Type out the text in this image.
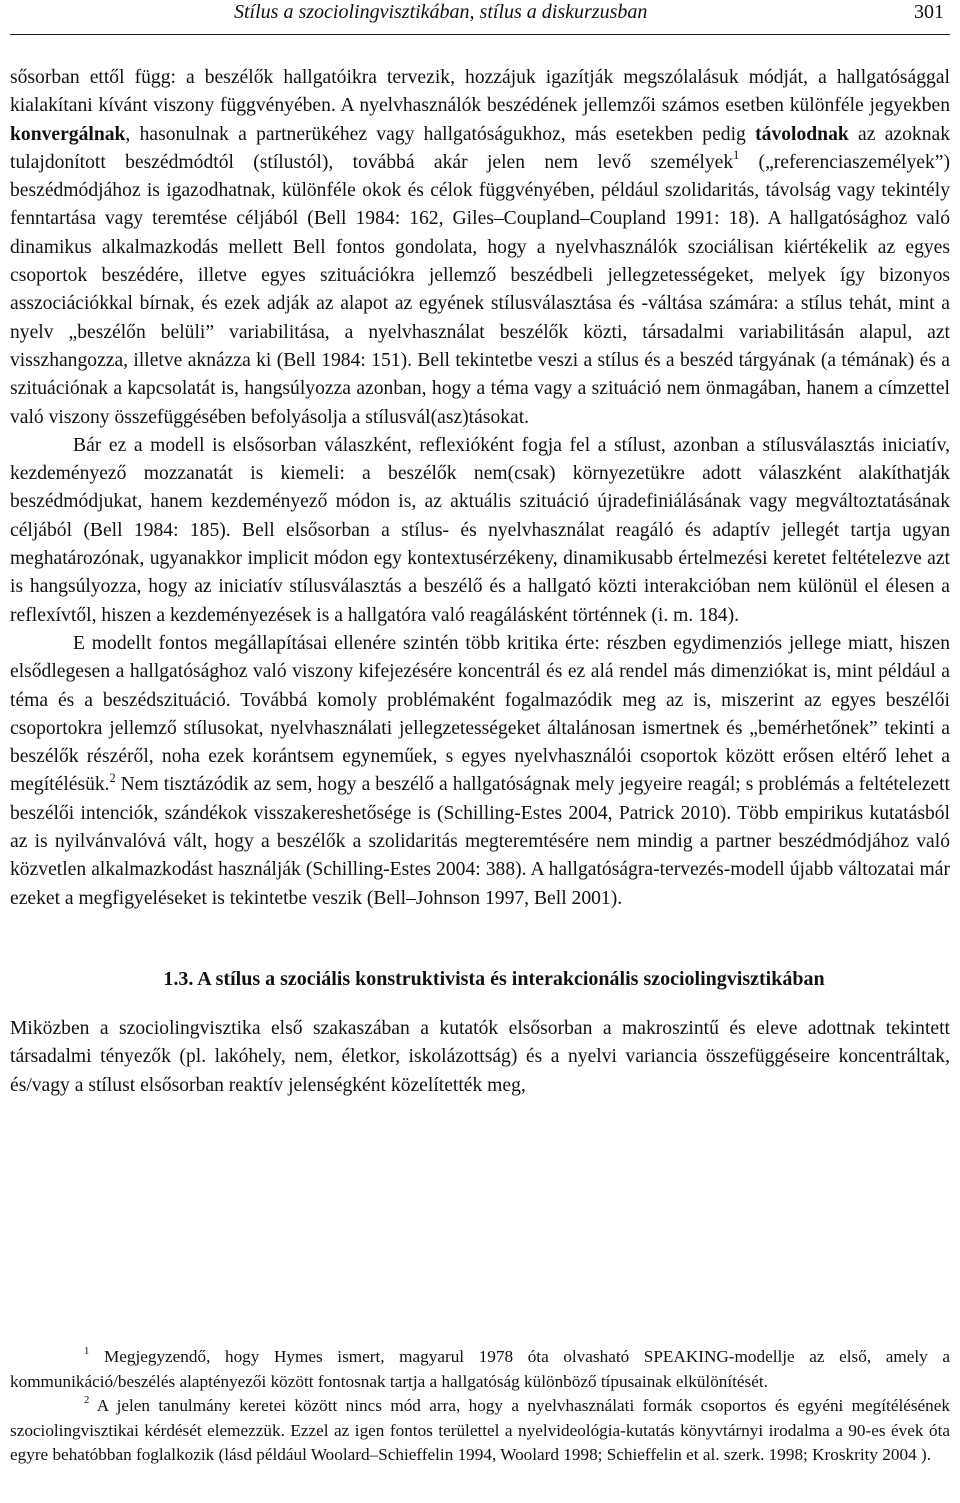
Stílus a szociolingvisztikában, stílus a diskurzusban	301

sősorban ettől függ: a beszélők hallgatóikra tervezik, hozzájuk igazítják megszólalásuk módját, a hallgatósággal kialakítani kívánt viszony függvényében. A nyelvhasználók beszédének jellemzői számos esetben különféle jegyekben konvergálnak, hasonulnak a partnerükéhez vagy hallgatóságukhoz, más esetekben pedig távolodnak az azoknak tulajdonított beszédmódtól (stílustól), továbbá akár jelen nem levő személyek$^1$ („referenciaszemélyek”) beszédmódjához is igazodhatnak, különféle okok és célok függvényében, például szolidaritás, távolság vagy tekintély fenntartása vagy teremtése céljából (Bell 1984: 162, Giles–Coupland–Coupland 1991: 18). A hallgatósághoz való dinamikus alkalmazkodás mellett Bell fontos gondolata, hogy a nyelvhasználók szociálisan kiértékelik az egyes csoportok beszédére, illetve egyes szituációkra jellemző beszédbeli jellegzetességeket, melyek így bizonyos asszociációkkal bírnak, és ezek adják az alapot az egyének stílusválasztása és -váltása számára: a stílus tehát, mint a nyelv „beszélőn belüli” variabilitása, a nyelvhasználat beszélők közti, társadalmi variabilitásán alapul, azt visszhangozza, illetve aknázza ki (Bell 1984: 151). Bell tekintetbe veszi a stílus és a beszéd tárgyának (a témának) és a szituációnak a kapcsolatát is, hangsúlyozza azonban, hogy a téma vagy a szituáció nem önmagában, hanem a címzettel való viszony összefüggésében befolyásolja a stílusvál(asz)tásokat.

Bár ez a modell is elsősorban válaszként, reflexióként fogja fel a stílust, azonban a stílusválasztás iniciatív, kezdeményező mozzanatát is kiemeli: a beszélők nem(csak) környezetükre adott válaszként alakíthatják beszédmódjukat, hanem kezdeményező módon is, az aktuális szituáció újradefiniálásának vagy megváltoztatásának céljából (Bell 1984: 185). Bell elsősorban a stílus- és nyelvhasználat reagáló és adaptív jellegét tartja ugyan meghatározónak, ugyanakkor implicit módon egy kontextusérzékeny, dinamikusabb értelmezési keretet feltételezve azt is hangsúlyozza, hogy az iniciatív stílusválasztás a beszélő és a hallgató közti interakcióban nem különül el élesen a reflexívtől, hiszen a kezdeményezések is a hallgatóra való reagálásként történnek (i. m. 184).

E modellt fontos megállapításai ellenére szintén több kritika érte: részben egydimenziós jellege miatt, hiszen elsődlegesen a hallgatósághoz való viszony kifejezésére koncentrál és ez alá rendel más dimenziókat is, mint például a téma és a beszédszituáció. Továbbá komoly problémaként fogalmazódik meg az is, miszerint az egyes beszélői csoportokra jellemző stílusokat, nyelvhasználati jellegzetességeket általánosan ismertnek és „bemérhetőnek” tekinti a beszélők részéről, noha ezek korántsem egyneműek, s egyes nyelvhasználói csoportok között erősen eltérő lehet a megítélésük.$^2$ Nem tisztázódik az sem, hogy a beszélő a hallgatóságnak mely jegyeire reagál; s problémás a feltételezett beszélői intenciók, szándékok visszakereshetősége is (Schilling-Estes 2004, Patrick 2010). Több empirikus kutatásból az is nyilvánvalóvá vált, hogy a beszélők a szolidaritás megteremtésére nem mindig a partner beszédmódjához való közvetlen alkalmazkodást használják (Schilling-Estes 2004: 388). A hallgatóságra-tervezés-modell újabb változatai már ezeket a megfigyeléseket is tekintetbe veszik (Bell–Johnson 1997, Bell 2001).

1.3. A stílus a szociális konstruktivista és interakcionális szociolingvisztikában

Miközben a szociolingvisztika első szakaszában a kutatók elsősorban a makroszintű és eleve adottnak tekintett társadalmi tényezők (pl. lakóhely, nem, életkor, iskolázottság) és a nyelvi variancia összefüggéseire koncentráltak, és/vagy a stílust elsősorban reaktív jelenségként közelítették meg,

$^1$ Megjegyzendő, hogy Hymes ismert, magyarul 1978 óta olvasható SPEAKING-modellje az első, amely a kommunikáció/beszélés alaptényezői között fontosnak tartja a hallgatóság különböző típusainak elkülönítését.

$^2$ A jelen tanulmány keretei között nincs mód arra, hogy a nyelvhasználati formák csoportos és egyéni megítélésének szociolingvisztikai kérdését elemezzük. Ezzel az igen fontos területtel a nyelvideológia-kutatás könyvtárnyi irodalma a 90-es évek óta egyre behatóbban foglalkozik (lásd például Woolard–Schieffelin 1994, Woolard 1998; Schieffelin et al. szerk. 1998; Kroskrity 2004 ).
